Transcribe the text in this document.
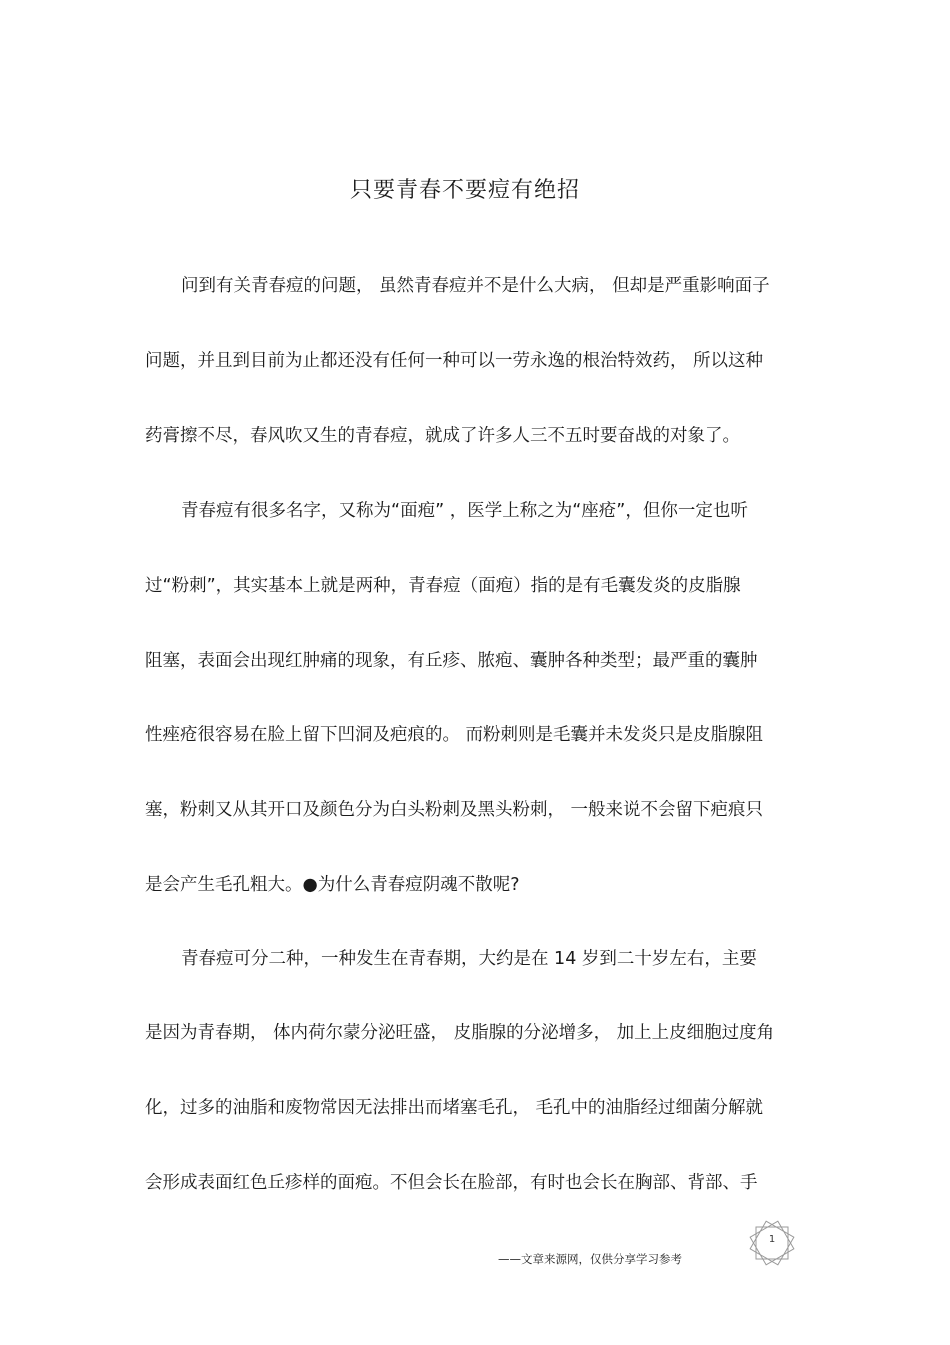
只要青春不要痘有绝招
问到有关青春痘的问题， 虽然青春痘并不是什么大病， 但却是严重影响面子
问题，并且到目前为止都还没有任何一种可以一劳永逸的根治特效药， 所以这种
药膏擦不尽，春风吹又生的青春痘，就成了许多人三不五时要奋战的对象了。
青春痘有很多名字，又称为“面疱” ，医学上称之为“座疮”，但你一定也听
过“粉刺”，其实基本上就是两种，青春痘（面疱）指的是有毛囊发炎的皮脂腺
阻塞，表面会出现红肿痛的现象，有丘疹、脓疱、囊肿各种类型；最严重的囊肿
性痤疮很容易在脸上留下凹洞及疤痕的。 而粉刺则是毛囊并未发炎只是皮脂腺阻
塞，粉刺又从其开口及颜色分为白头粉刺及黑头粉刺， 一般来说不会留下疤痕只
是会产生毛孔粗大。●为什么青春痘阴魂不散呢?
青春痘可分二种，一种发生在青春期，大约是在 14 岁到二十岁左右，主要
是因为青春期， 体内荷尔蒙分泌旺盛， 皮脂腺的分泌增多， 加上上皮细胞过度角
化，过多的油脂和废物常因无法排出而堵塞毛孔， 毛孔中的油脂经过细菌分解就
会形成表面红色丘疹样的面疱。不但会长在脸部，有时也会长在胸部、背部、手
1
——文章来源网，仅供分享学习参考
